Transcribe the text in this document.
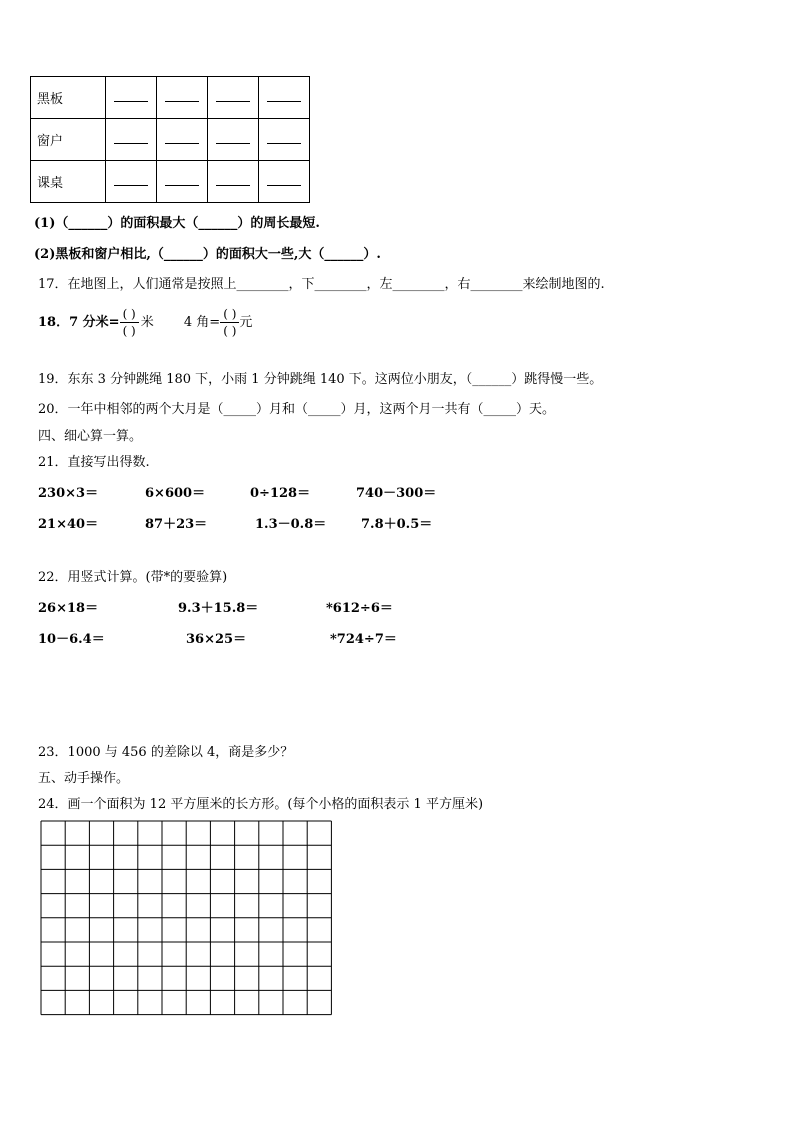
黑板				
窗户				
课桌				
(1)（______）的面积最大（______）的周长最短.
(2)黑板和窗户相比,（______）的面积大一些,大（______）.
17．在地图上，人们通常是按照上________，下________，左________，右________来绘制地图的.
18．7 分米= $\frac{( )}{( )}$ 米 4 角= $\frac{( )}{( )}$ 元
19．东东 3 分钟跳绳 180 下，小雨 1 分钟跳绳 140 下。这两位小朋友，（______）跳得慢一些。
20．一年中相邻的两个大月是（_____）月和（_____）月，这两个月一共有（_____）天。
四、细心算一算。
21．直接写出得数.
230×3＝	6×600＝	0÷128＝	740－300＝
21×40＝	87＋23＝	1.3－0.8＝	7.8＋0.5＝
22．用竖式计算。(带*的要验算)
26×18＝	9.3＋15.8＝	*612÷6＝
10－6.4＝	36×25＝	*724÷7＝
23．1000 与 456 的差除以 4，商是多少？
五、动手操作。
24．画一个面积为 12 平方厘米的长方形。(每个小格的面积表示 1 平方厘米)
